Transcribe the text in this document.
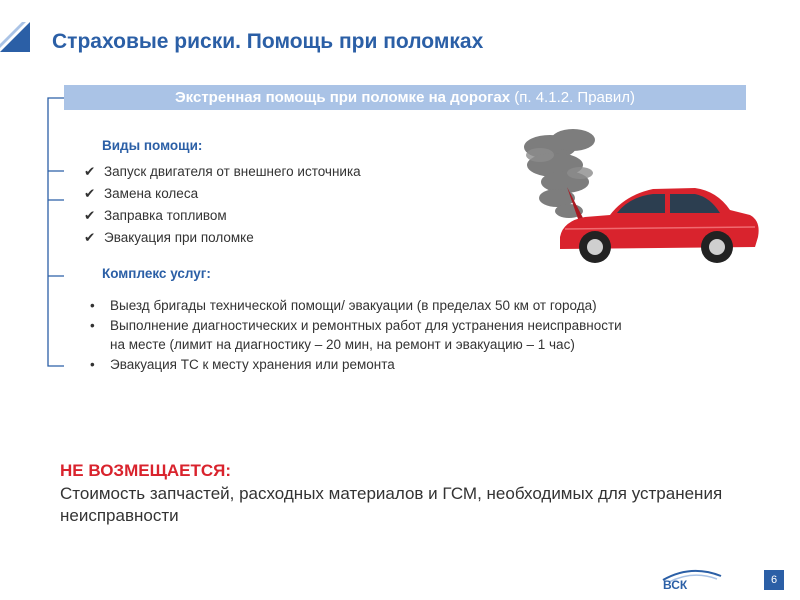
Страховые риски. Помощь при поломках
Экстренная помощь при поломке на дорогах (п. 4.1.2. Правил)
Виды помощи:
✔ Запуск двигателя от внешнего источника
✔ Замена колеса
✔ Заправка топливом
✔ Эвакуация при поломке
Комплекс услуг:
• Выезд бригады технической помощи/ эвакуации (в пределах 50 км от города)
• Выполнение диагностических и ремонтных работ для устранения неисправности на месте (лимит на диагностику – 20 мин, на ремонт и эвакуацию – 1 час)
• Эвакуация ТС к месту хранения или ремонта
НЕ ВОЗМЕЩАЕТСЯ:
Стоимость запчастей, расходных материалов и ГСМ, необходимых для устранения неисправности
ВСК	6
